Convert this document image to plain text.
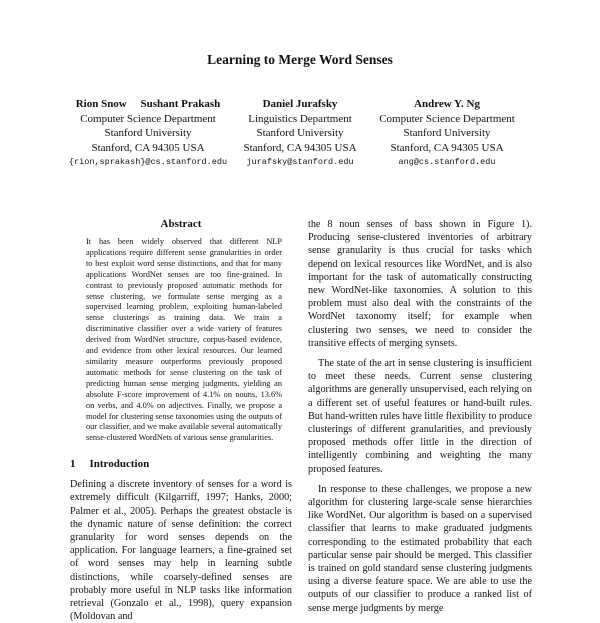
Learning to Merge Word Senses
Rion Snow     Sushant Prakash
Computer Science Department
Stanford University
Stanford, CA 94305 USA
{rion,sprakash}@cs.stanford.edu
Daniel Jurafsky
Linguistics Department
Stanford University
Stanford, CA 94305 USA
jurafsky@stanford.edu
Andrew Y. Ng
Computer Science Department
Stanford University
Stanford, CA 94305 USA
ang@cs.stanford.edu
Abstract
It has been widely observed that different NLP applications require different sense granularities in order to best exploit word sense distinctions, and that for many applications WordNet senses are too fine-grained. In contrast to previously proposed automatic methods for sense clustering, we formulate sense merging as a supervised learning problem, exploiting human-labeled sense clusterings as training data. We train a discriminative classifier over a wide variety of features derived from WordNet structure, corpus-based evidence, and evidence from other lexical resources. Our learned similarity measure outperforms previously proposed automatic methods for sense clustering on the task of predicting human sense merging judgments, yielding an absolute F-score improvement of 4.1% on nouns, 13.6% on verbs, and 4.0% on adjectives. Finally, we propose a model for clustering sense taxonomies using the outputs of our classifier, and we make available several automatically sense-clustered WordNets of various sense granularities.
1 Introduction

Defining a discrete inventory of senses for a word is extremely difficult (Kilgarriff, 1997; Hanks, 2000; Palmer et al., 2005). Perhaps the greatest obstacle is the dynamic nature of sense definition: the correct granularity for word senses depends on the application. For language learners, a fine-grained set of word senses may help in learning subtle distinctions, while coarsely-defined senses are probably more useful in NLP tasks like information retrieval (Gonzalo et al., 1998), query expansion (Moldovan and

the 8 noun senses of bass shown in Figure 1). Producing sense-clustered inventories of arbitrary sense granularity is thus crucial for tasks which depend on lexical resources like WordNet, and is also important for the task of automatically constructing new WordNet-like taxonomies. A solution to this problem must also deal with the constraints of the WordNet taxonomy itself; for example when clustering two senses, we need to consider the transitive effects of merging synsets.

The state of the art in sense clustering is insufficient to meet these needs. Current sense clustering algorithms are generally unsupervised, each relying on a different set of useful features or hand-built rules. But hand-written rules have little flexibility to produce clusterings of different granularities, and previously proposed methods offer little in the direction of intelligently combining and weighting the many proposed features.

In response to these challenges, we propose a new algorithm for clustering large-scale sense hierarchies like WordNet. Our algorithm is based on a supervised classifier that learns to make graduated judgments corresponding to the estimated probability that each particular sense pair should be merged. This classifier is trained on gold standard sense clustering judgments using a diverse feature space. We are able to use the outputs of our classifier to produce a ranked list of sense merge judgments by merge
